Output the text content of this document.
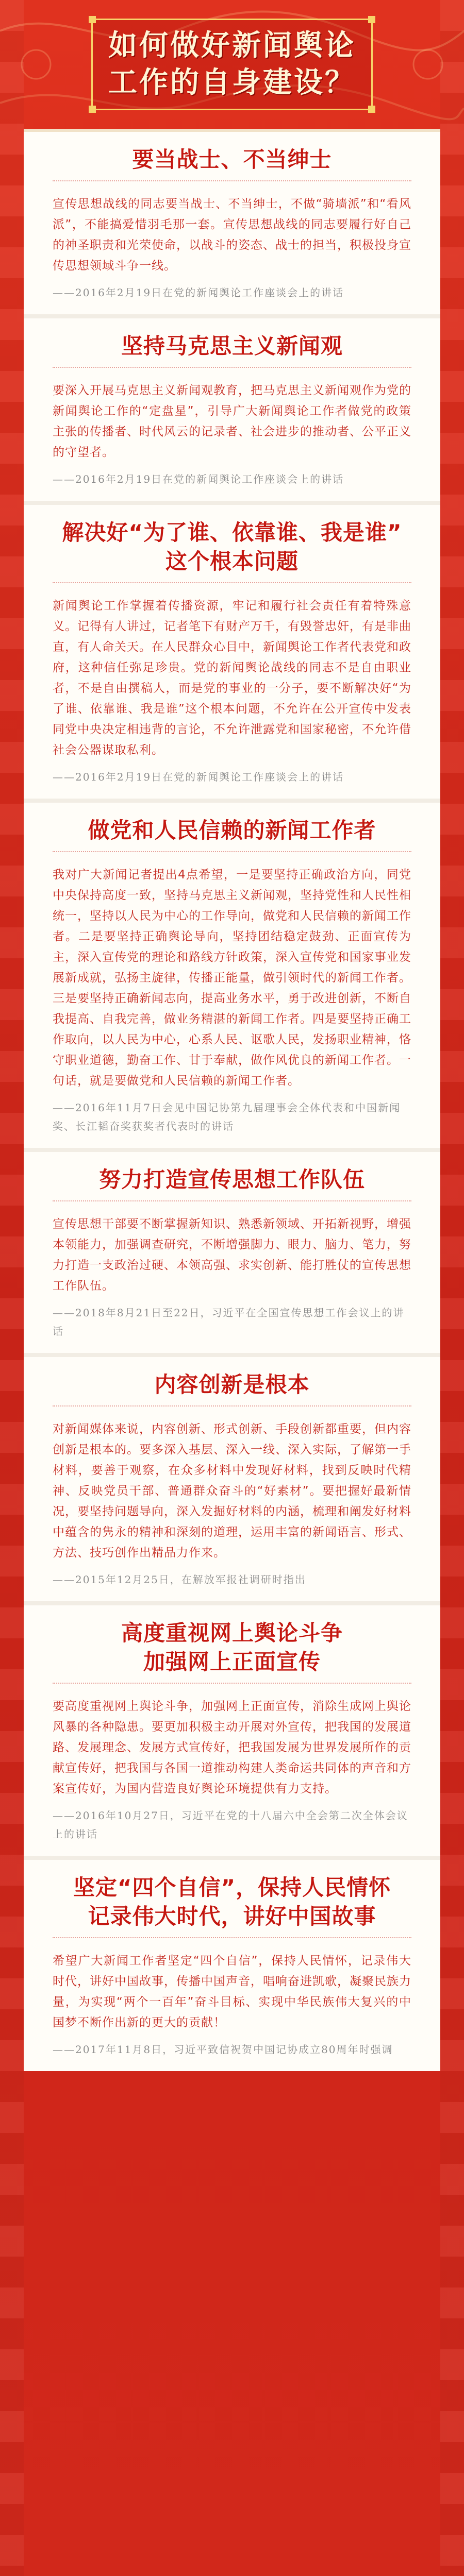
如何做好新闻舆论
工作的自身建设？
要当战士、不当绅士

宣传思想战线的同志要当战士、不当绅士，不做“骑墙派”和“看风派”，不能搞爱惜羽毛那一套。宣传思想战线的同志要履行好自己的神圣职责和光荣使命，以战斗的姿态、战士的担当，积极投身宣传思想领域斗争一线。

——2016年2月19日在党的新闻舆论工作座谈会上的讲话

坚持马克思主义新闻观

要深入开展马克思主义新闻观教育，把马克思主义新闻观作为党的新闻舆论工作的“定盘星”，引导广大新闻舆论工作者做党的政策主张的传播者、时代风云的记录者、社会进步的推动者、公平正义的守望者。

——2016年2月19日在党的新闻舆论工作座谈会上的讲话

解决好“为了谁、依靠谁、我是谁”
这个根本问题

新闻舆论工作掌握着传播资源，牢记和履行社会责任有着特殊意义。记得有人讲过，记者笔下有财产万千，有毁誉忠奸，有是非曲直，有人命关天。在人民群众心目中，新闻舆论工作者代表党和政府，这种信任弥足珍贵。党的新闻舆论战线的同志不是自由职业者，不是自由撰稿人，而是党的事业的一分子，要不断解决好“为了谁、依靠谁、我是谁”这个根本问题，不允许在公开宣传中发表同党中央决定相违背的言论，不允许泄露党和国家秘密，不允许借社会公器谋取私利。

——2016年2月19日在党的新闻舆论工作座谈会上的讲话

做党和人民信赖的新闻工作者

我对广大新闻记者提出4点希望，一是要坚持正确政治方向，同党中央保持高度一致，坚持马克思主义新闻观，坚持党性和人民性相统一，坚持以人民为中心的工作导向，做党和人民信赖的新闻工作者。二是要坚持正确舆论导向，坚持团结稳定鼓劲、正面宣传为主，深入宣传党的理论和路线方针政策，深入宣传党和国家事业发展新成就，弘扬主旋律，传播正能量，做引领时代的新闻工作者。三是要坚持正确新闻志向，提高业务水平，勇于改进创新，不断自我提高、自我完善，做业务精湛的新闻工作者。四是要坚持正确工作取向，以人民为中心，心系人民、讴歌人民，发扬职业精神，恪守职业道德，勤奋工作、甘于奉献，做作风优良的新闻工作者。一句话，就是要做党和人民信赖的新闻工作者。

——2016年11月7日会见中国记协第九届理事会全体代表和中国新闻奖、长江韬奋奖获奖者代表时的讲话

努力打造宣传思想工作队伍

宣传思想干部要不断掌握新知识、熟悉新领域、开拓新视野，增强本领能力，加强调查研究，不断增强脚力、眼力、脑力、笔力，努力打造一支政治过硬、本领高强、求实创新、能打胜仗的宣传思想工作队伍。

——2018年8月21日至22日，习近平在全国宣传思想工作会议上的讲话

内容创新是根本

对新闻媒体来说，内容创新、形式创新、手段创新都重要，但内容创新是根本的。要多深入基层、深入一线、深入实际，了解第一手材料，要善于观察，在众多材料中发现好材料，找到反映时代精神、反映党员干部、普通群众奋斗的“好素材”。要把握好最新情况，要坚持问题导向，深入发掘好材料的内涵，梳理和阐发好材料中蕴含的隽永的精神和深刻的道理，运用丰富的新闻语言、形式、方法、技巧创作出精品力作来。

——2015年12月25日，在解放军报社调研时指出

高度重视网上舆论斗争
加强网上正面宣传

要高度重视网上舆论斗争，加强网上正面宣传，消除生成网上舆论风暴的各种隐患。要更加积极主动开展对外宣传，把我国的发展道路、发展理念、发展方式宣传好，把我国发展为世界发展所作的贡献宣传好，把我国与各国一道推动构建人类命运共同体的声音和方案宣传好，为国内营造良好舆论环境提供有力支持。

——2016年10月27日，习近平在党的十八届六中全会第二次全体会议上的讲话

坚定“四个自信”，保持人民情怀
记录伟大时代，讲好中国故事

希望广大新闻工作者坚定“四个自信”，保持人民情怀，记录伟大时代，讲好中国故事，传播中国声音，唱响奋进凯歌，凝聚民族力量，为实现“两个一百年”奋斗目标、实现中华民族伟大复兴的中国梦不断作出新的更大的贡献！

——2017年11月8日，习近平致信祝贺中国记协成立80周年时强调
